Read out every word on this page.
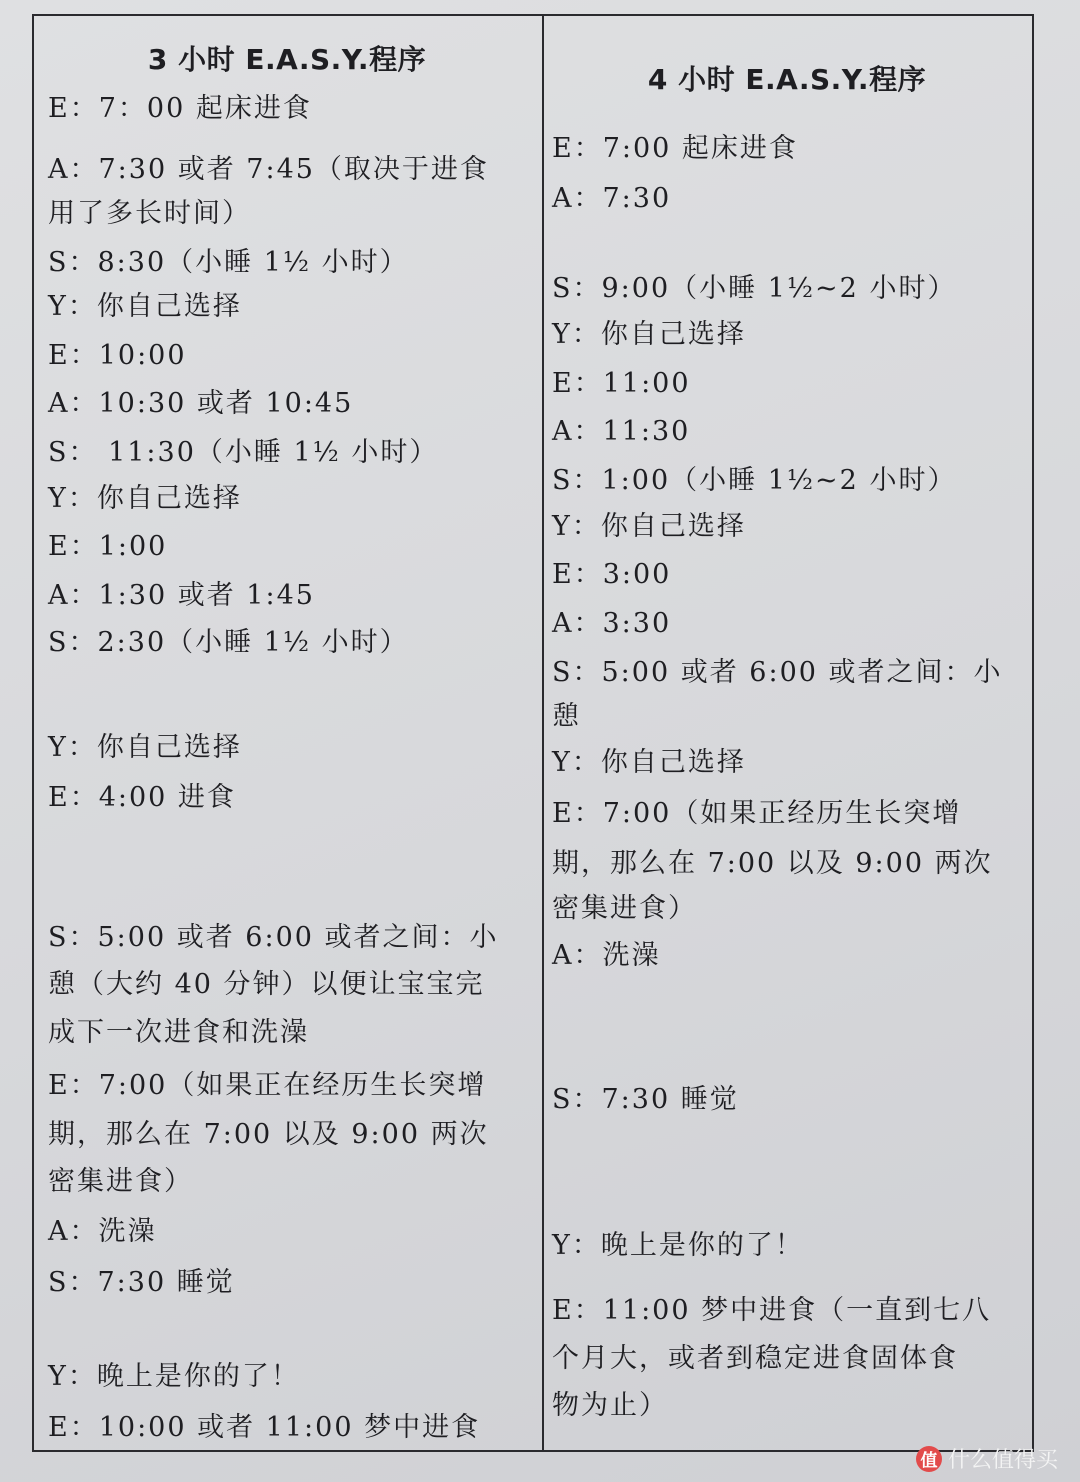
3 小时 E.A.S.Y.程序
E：7：00 起床进食
A：7:30 或者 7:45（取决于进食
用了多长时间）
S：8:30（小睡 1½ 小时）
Y：你自己选择
E：10:00
A：10:30 或者 10:45
S： 11:30（小睡 1½ 小时）
Y：你自己选择
E：1:00
A：1:30 或者 1:45
S：2:30（小睡 1½ 小时）
Y：你自己选择
E：4:00 进食
S：5:00 或者 6:00 或者之间：小
憩（大约 40 分钟）以便让宝宝完
成下一次进食和洗澡
E：7:00（如果正在经历生长突增
期，那么在 7:00 以及 9:00 两次
密集进食）
A：洗澡
S：7:30 睡觉
Y：晚上是你的了！
E：10:00 或者 11:00 梦中进食
4 小时 E.A.S.Y.程序
E：7:00 起床进食
A：7:30
S：9:00（小睡 1½~2 小时）
Y：你自己选择
E：11:00
A：11:30
S：1:00（小睡 1½~2 小时）
Y：你自己选择
E：3:00
A：3:30
S：5:00 或者 6:00 或者之间：小
憩
Y：你自己选择
E：7:00（如果正经历生长突增
期，那么在 7:00 以及 9:00 两次
密集进食）
A：洗澡
S：7:30 睡觉
Y：晚上是你的了！
E：11:00 梦中进食（一直到七八
个月大，或者到稳定进食固体食
物为止）
值 什么值得买
